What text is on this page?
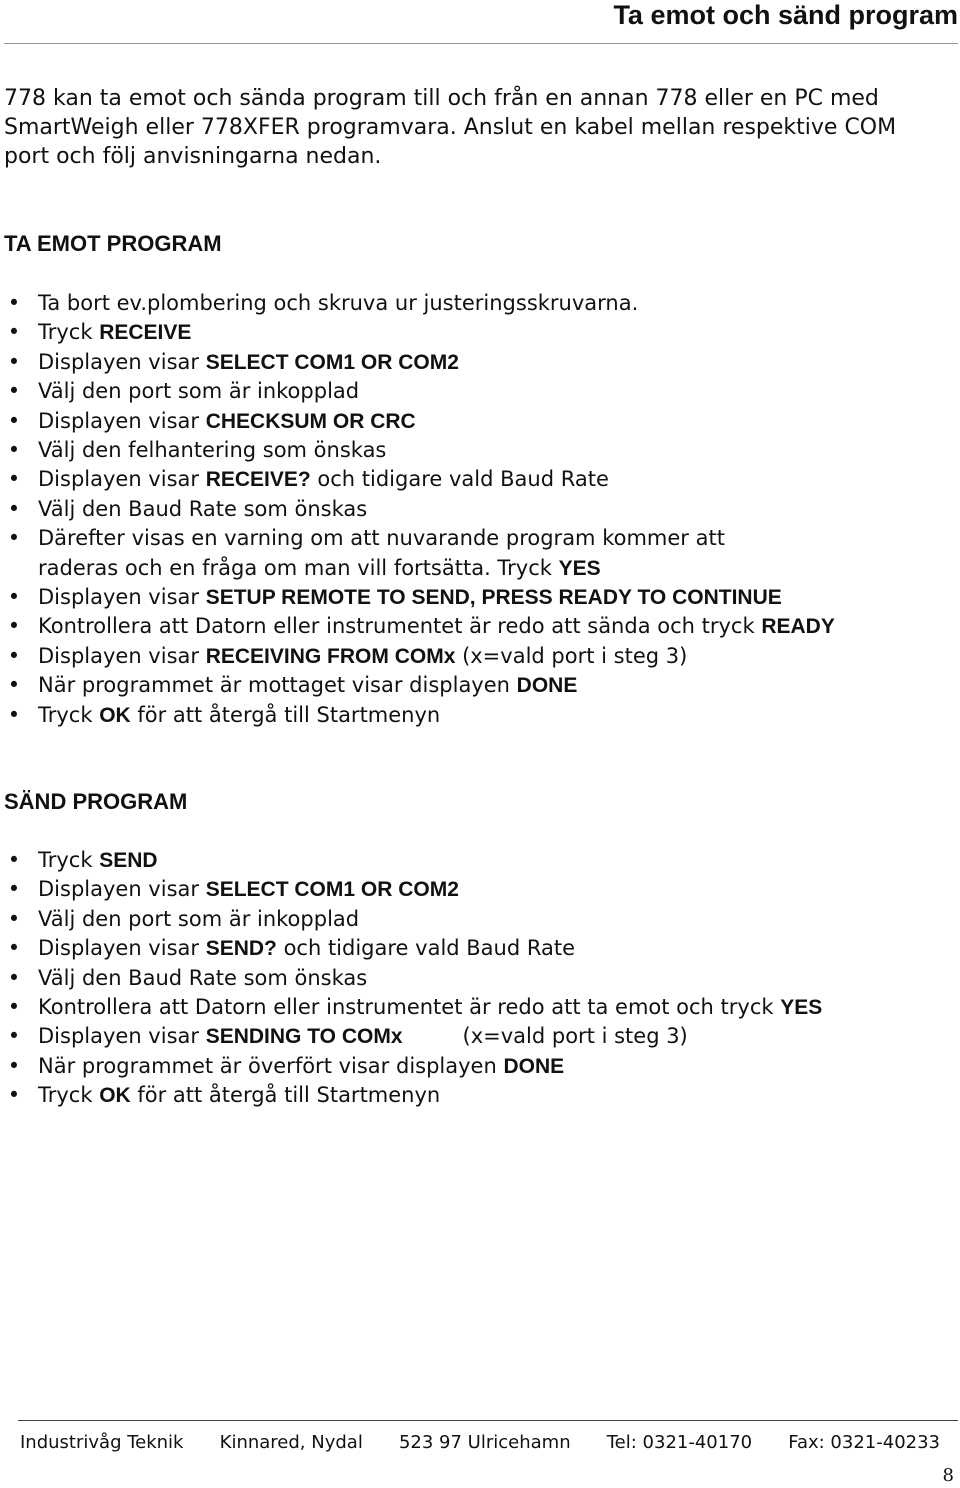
Ta emot och sänd program

778 kan ta emot och sända program till och från en annan 778 eller en PC med

SmartWeigh eller 778XFER programvara. Anslut en kabel mellan respektive COM

port och följ anvisningarna nedan.

TA EMOT PROGRAM
• Ta bort ev.plombering och skruva ur justeringsskruvarna.
• Tryck RECEIVE
• Displayen visar SELECT COM1 OR COM2
• Välj den port som är inkopplad
• Displayen visar CHECKSUM OR CRC
• Välj den felhantering som önskas
• Displayen visar RECEIVE? och tidigare vald Baud Rate
• Välj den Baud Rate som önskas
• Därefter visas en varning om att nuvarande program kommer att
raderas och en fråga om man vill fortsätta. Tryck YES
• Displayen visar SETUP REMOTE TO SEND, PRESS READY TO CONTINUE
• Kontrollera att Datorn eller instrumentet är redo att sända och tryck READY
• Displayen visar RECEIVING FROM COMx (x=vald port i steg 3)
• När programmet är mottaget visar displayen DONE
• Tryck OK för att återgå till Startmenyn
SÄND PROGRAM
• Tryck SEND
• Displayen visar SELECT COM1 OR COM2
• Välj den port som är inkopplad
• Displayen visar SEND? och tidigare vald Baud Rate
• Välj den Baud Rate som önskas
• Kontrollera att Datorn eller instrumentet är redo att ta emot och tryck YES
• Displayen visar SENDING TO COMx	(x=vald port i steg 3)
• När programmet är överfört visar displayen DONE
• Tryck OK för att återgå till Startmenyn
Industrivåg Teknik Kinnared, Nydal 523 97 Ulricehamn Tel: 0321-40170 Fax: 0321-40233
8
